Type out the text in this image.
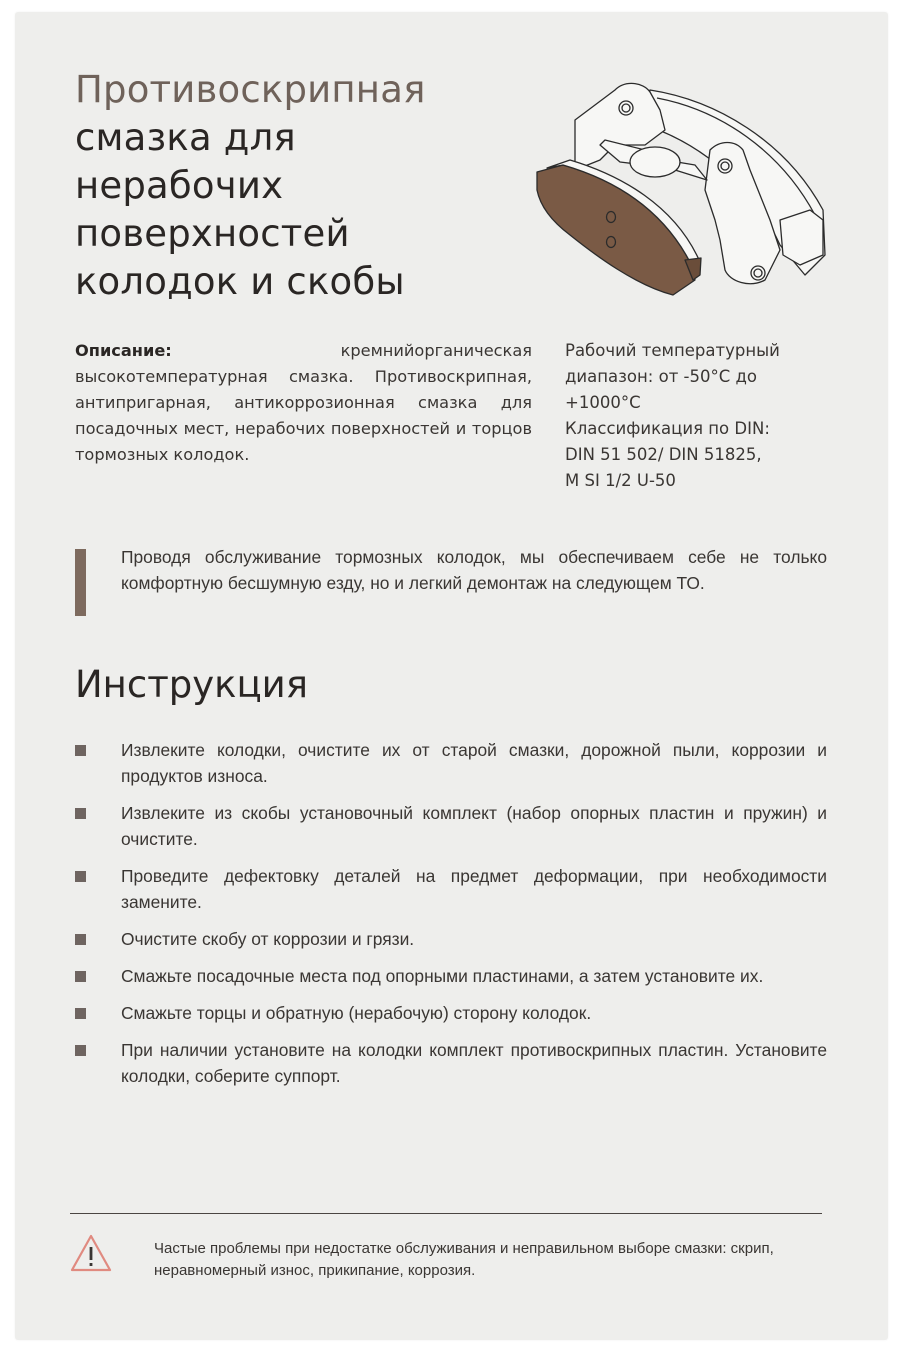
Противоскрипная
смазка для
нерабочих
поверхностей
колодок и скобы

Описание: кремнийорганическая высокотемпературная смазка. Противоскрипная, антипригарная, антикоррозионная смазка для посадочных мест, нерабочих поверхностей и торцов тормозных колодок.

Рабочий температурный
диапазон: от -50°С до
+1000°С
Классификация по DIN:
DIN 51 502/ DIN 51825,
M SI 1/2 U-50

Проводя обслуживание тормозных колодок, мы обеспечиваем себе не только комфортную бесшумную езду, но и легкий демонтаж на следующем ТО.

Инструкция
Извлеките колодки, очистите их от старой смазки, дорожной пыли, коррозии и продуктов износа.
Извлеките из скобы установочный комплект (набор опорных пластин и пружин) и очистите.
Проведите дефектовку деталей на предмет деформации, при необходимости замените.
Очистите скобу от коррозии и грязи.
Смажьте посадочные места под опорными пластинами, а затем установите их.
Смажьте торцы и обратную (нерабочую) сторону колодок.
При наличии установите на колодки комплект противоскрипных пластин. Установите колодки, соберите суппорт.

Частые проблемы при недостатке обслуживания и неправильном выборе смазки: скрип, неравномерный износ, прикипание, коррозия.
